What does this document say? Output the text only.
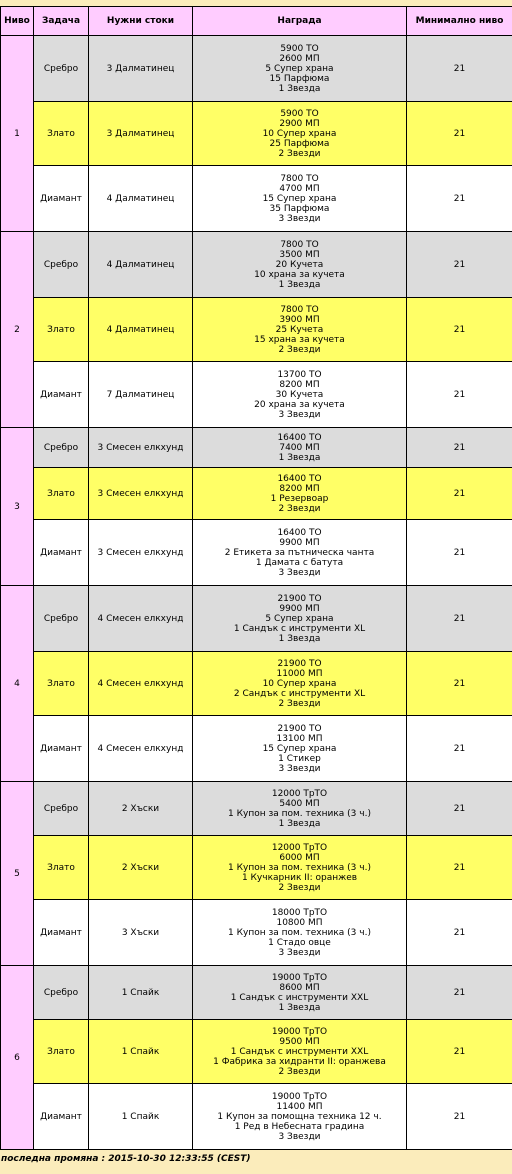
Ниво	Задача	Нужни стоки	Награда	Минимално ниво
1	Сребро	3 Далматинец	5900 ТО
2600 МП
5 Супер храна
15 Парфюма
1 Звезда	21
	Злато	3 Далматинец	5900 ТО
2900 МП
10 Супер храна
25 Парфюма
2 Звезди	21
	Диамант	4 Далматинец	7800 ТО
4700 МП
15 Супер храна
35 Парфюма
3 Звезди	21
2	Сребро	4 Далматинец	7800 ТО
3500 МП
20 Кучета
10 храна за кучета
1 Звезда	21
	Злато	4 Далматинец	7800 ТО
3900 МП
25 Кучета
15 храна за кучета
2 Звезди	21
	Диамант	7 Далматинец	13700 ТО
8200 МП
30 Кучета
20 храна за кучета
3 Звезди	21
3	Сребро	3 Смесен елкхунд	16400 ТО
7400 МП
1 Звезда	21
	Злато	3 Смесен елкхунд	16400 ТО
8200 МП
1 Резервоар
2 Звезди	21
	Диамант	3 Смесен елкхунд	16400 ТО
9900 МП
2 Етикета за пътническа чанта
1 Дамата с батута
3 Звезди	21
4	Сребро	4 Смесен елкхунд	21900 ТО
9900 МП
5 Супер храна
1 Сандък с инструменти XL
1 Звезда	21
	Злато	4 Смесен елкхунд	21900 ТО
11000 МП
10 Супер храна
2 Сандък с инструменти XL
2 Звезди	21
	Диамант	4 Смесен елкхунд	21900 ТО
13100 МП
15 Супер храна
1 Стикер
3 Звезди	21
5	Сребро	2 Хъски	12000 ТрТО
5400 МП
1 Купон за пом. техника (3 ч.)
1 Звезда	21
	Злато	2 Хъски	12000 ТрТО
6000 МП
1 Купон за пом. техника (3 ч.)
1 Кучкарник II: оранжев
2 Звезди	21
	Диамант	3 Хъски	18000 ТрТО
10800 МП
1 Купон за пом. техника (3 ч.)
1 Стадо овце
3 Звезди	21
6	Сребро	1 Спайк	19000 ТрТО
8600 МП
1 Сандък с инструменти XXL
1 Звезда	21
	Злато	1 Спайк	19000 ТрТО
9500 МП
1 Сандък с инструменти XXL
1 Фабрика за хидранти II: оранжева
2 Звезди	21
	Диамант	1 Спайк	19000 ТрТО
11400 МП
1 Купон за помощна техника 12 ч.
1 Ред в Небесната градина
3 Звезди	21
последна промяна : 2015-10-30 12:33:55 (CEST)
